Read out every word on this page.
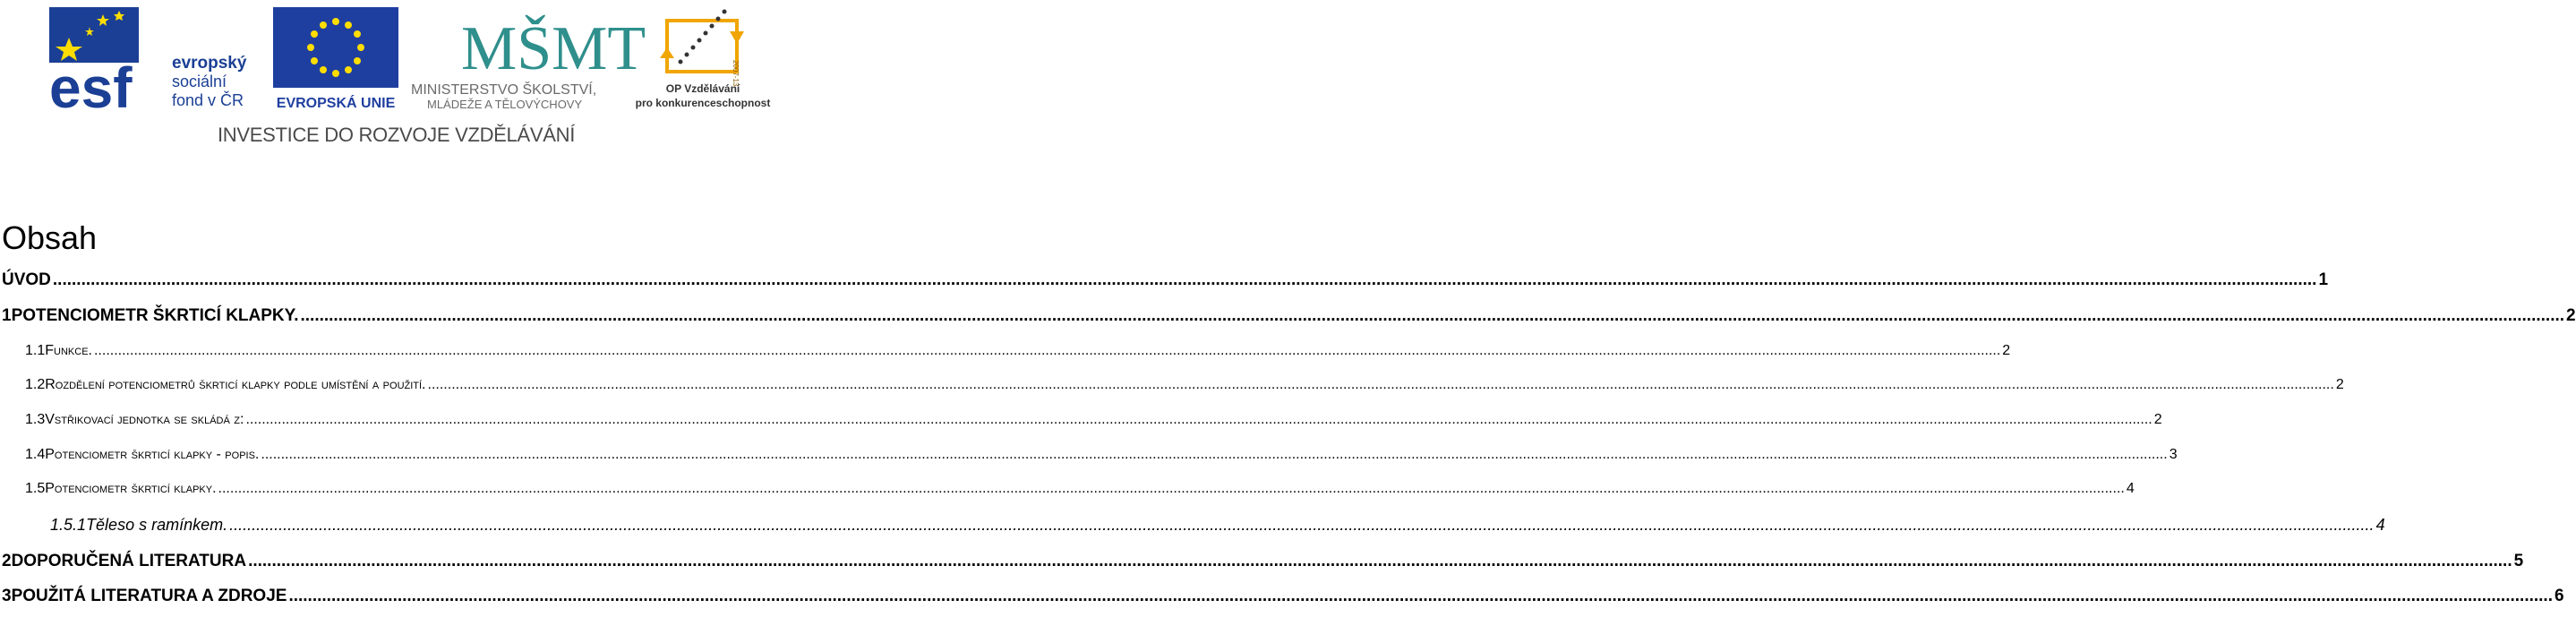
esf evropský
sociální
fond v ČR EVROPSKÁ UNIE
MŠMT
MINISTERSTVO ŠKOLSTVÍ,
MLÁDEŽE A TĚLOVÝCHOVY
2007-13
OP Vzdělávání
pro konkurenceschopnost
INVESTICE DO ROZVOJE VZDĚLÁVÁNÍ
Obsah
ÚVOD .....	1
1 POTENCIOMETR ŠKRTICÍ KLAPKY. .....	2
1.1 Funkce. .....	2
1.2 Rozdělení potenciometrů škrticí klapky podle umístění a použití. .....	2
1.3 Vstřikovací jednotka se skládá z: .....	2
1.4 Potenciometr škrticí klapky - popis. .....	3
1.5 Potenciometr škrticí klapky. .....	4
1.5.1 Těleso s ramínkem. .....	4
2 DOPORUČENÁ LITERATURA .....	5
3 POUŽITÁ LITERATURA A ZDROJE .....	6
